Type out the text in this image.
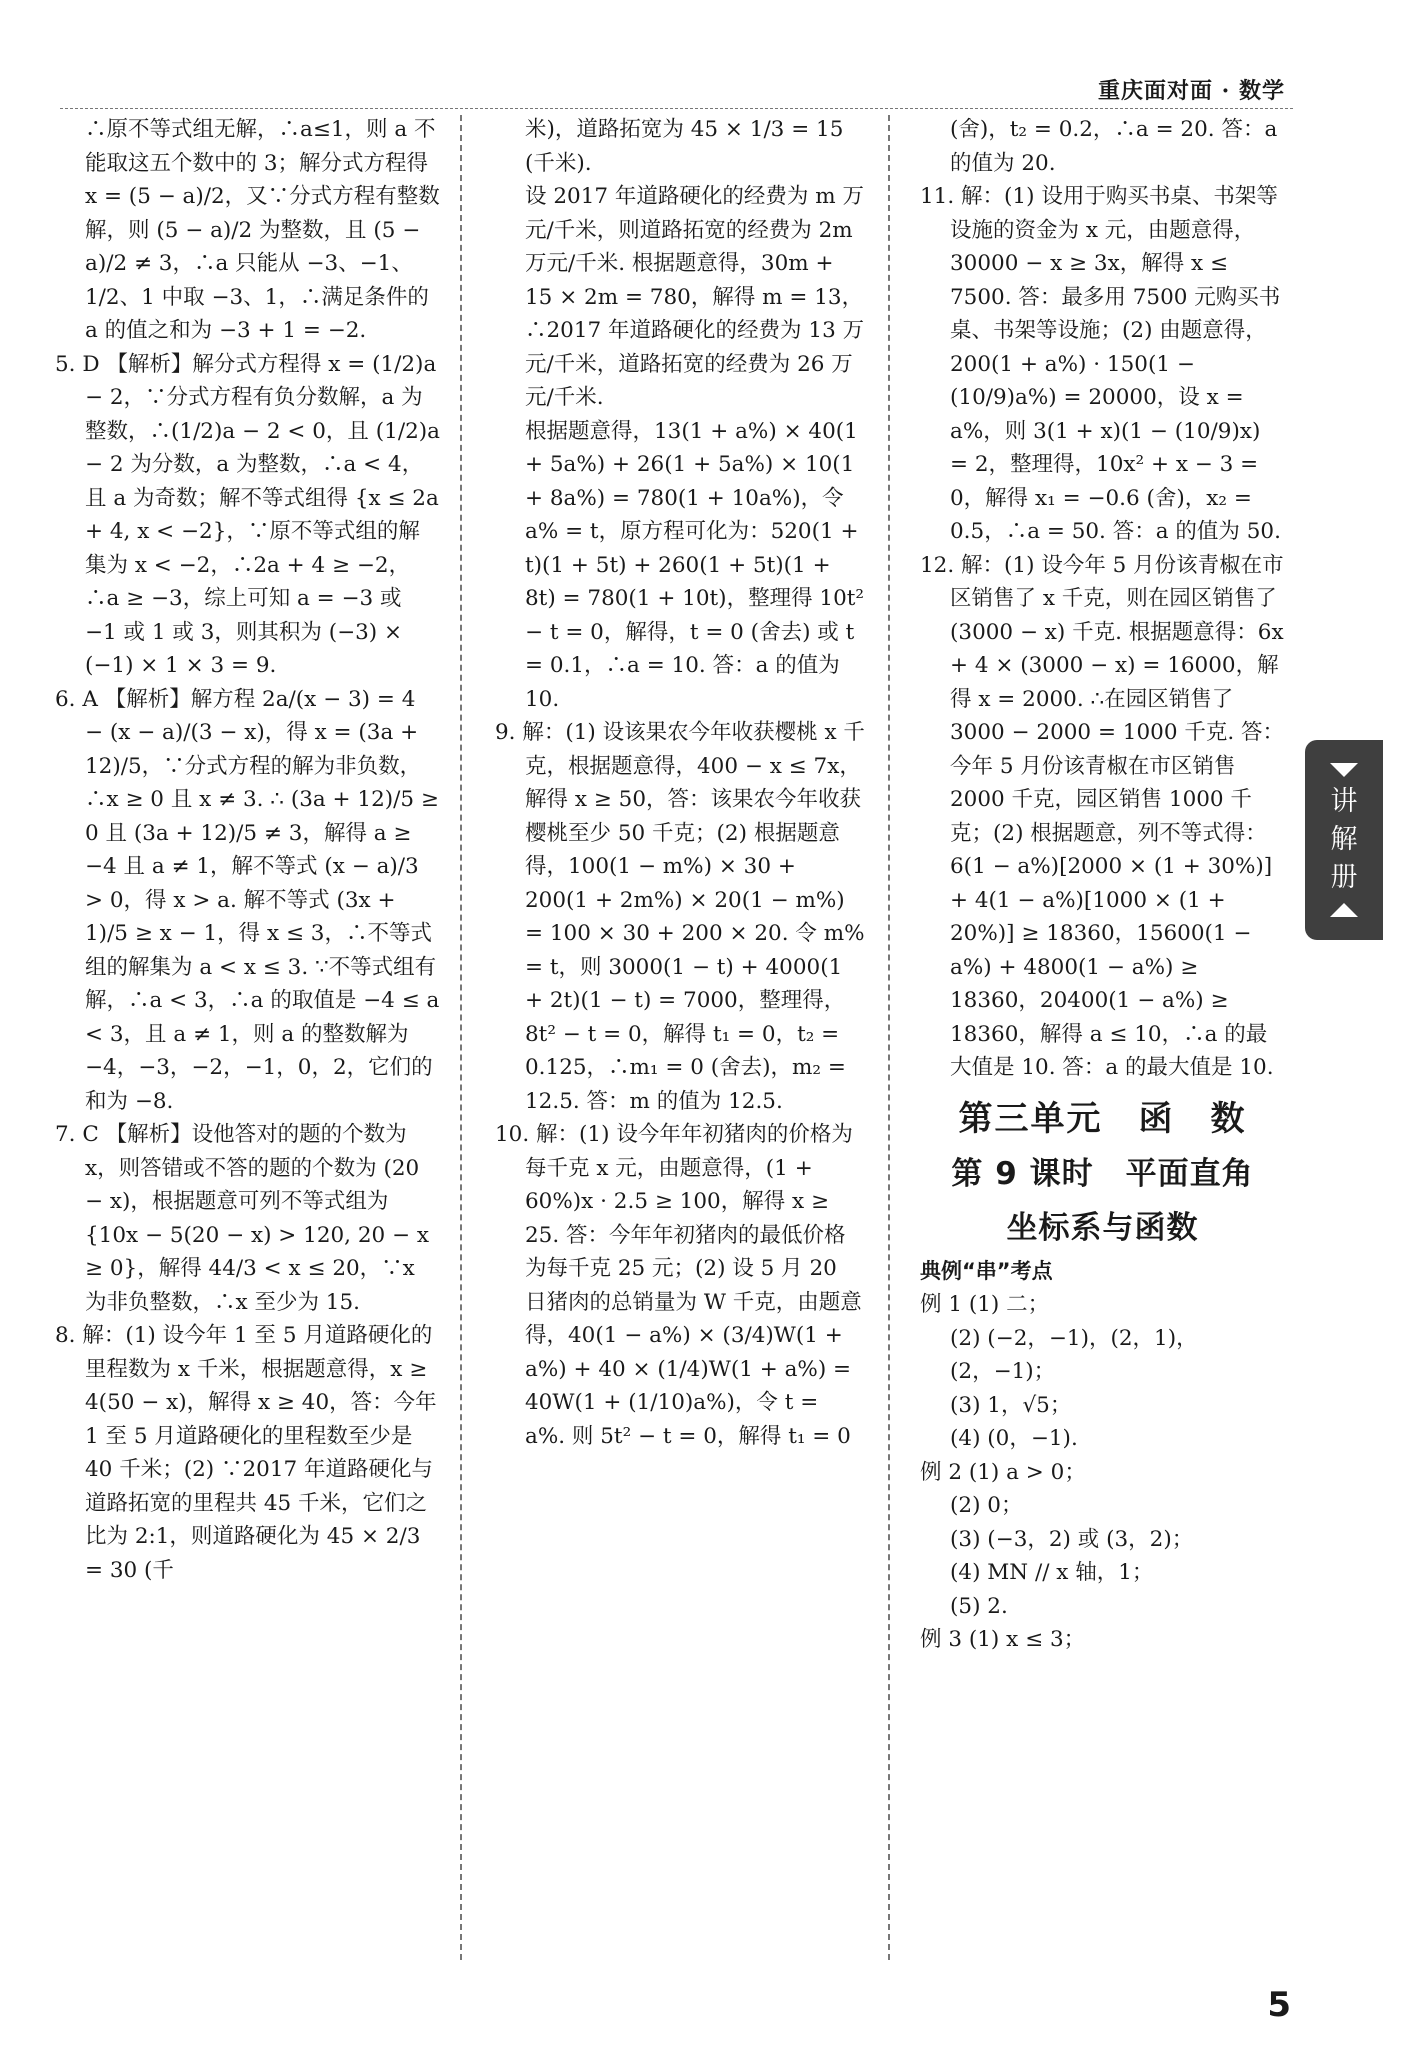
重庆面对面 · 数学

∴原不等式组无解，∴a≤1，则 a 不能取这五个数中的 3；解分式方程得 x = (5 − a)/2，又∵分式方程有整数解，则 (5 − a)/2 为整数，且 (5 − a)/2 ≠ 3，∴a 只能从 −3、−1、1/2、1 中取 −3、1，∴满足条件的 a 的值之和为 −3 + 1 = −2.

5. D 【解析】解分式方程得 x = (1/2)a − 2，∵分式方程有负分数解，a 为整数，∴(1/2)a − 2 < 0，且 (1/2)a − 2 为分数，a 为整数，∴a < 4，且 a 为奇数；解不等式组得 {x ≤ 2a + 4, x < −2}，∵原不等式组的解集为 x < −2，∴2a + 4 ≥ −2，∴a ≥ −3，综上可知 a = −3 或 −1 或 1 或 3，则其积为 (−3) × (−1) × 1 × 3 = 9.

6. A 【解析】解方程 2a/(x − 3) = 4 − (x − a)/(3 − x)，得 x = (3a + 12)/5，∵分式方程的解为非负数，∴x ≥ 0 且 x ≠ 3. ∴ (3a + 12)/5 ≥ 0 且 (3a + 12)/5 ≠ 3，解得 a ≥ −4 且 a ≠ 1，解不等式 (x − a)/3 > 0，得 x > a. 解不等式 (3x + 1)/5 ≥ x − 1，得 x ≤ 3，∴不等式组的解集为 a < x ≤ 3. ∵不等式组有解，∴a < 3，∴a 的取值是 −4 ≤ a < 3，且 a ≠ 1，则 a 的整数解为 −4，−3，−2，−1，0，2，它们的和为 −8.

7. C 【解析】设他答对的题的个数为 x，则答错或不答的题的个数为 (20 − x)，根据题意可列不等式组为 {10x − 5(20 − x) > 120, 20 − x ≥ 0}，解得 44/3 < x ≤ 20，∵x 为非负整数，∴x 至少为 15.

8. 解：(1) 设今年 1 至 5 月道路硬化的里程数为 x 千米，根据题意得，x ≥ 4(50 − x)，解得 x ≥ 40，答：今年 1 至 5 月道路硬化的里程数至少是 40 千米；(2) ∵2017 年道路硬化与道路拓宽的里程共 45 千米，它们之比为 2:1，则道路硬化为 45 × 2/3 = 30 (千

米)，道路拓宽为 45 × 1/3 = 15 (千米).

设 2017 年道路硬化的经费为 m 万元/千米，则道路拓宽的经费为 2m 万元/千米. 根据题意得，30m + 15 × 2m = 780，解得 m = 13，∴2017 年道路硬化的经费为 13 万元/千米，道路拓宽的经费为 26 万元/千米.

根据题意得，13(1 + a%) × 40(1 + 5a%) + 26(1 + 5a%) × 10(1 + 8a%) = 780(1 + 10a%)，令 a% = t，原方程可化为：520(1 + t)(1 + 5t) + 260(1 + 5t)(1 + 8t) = 780(1 + 10t)，整理得 10t² − t = 0，解得，t = 0 (舍去) 或 t = 0.1，∴a = 10. 答：a 的值为 10.

9. 解：(1) 设该果农今年收获樱桃 x 千克，根据题意得，400 − x ≤ 7x，解得 x ≥ 50，答：该果农今年收获樱桃至少 50 千克；(2) 根据题意得，100(1 − m%) × 30 + 200(1 + 2m%) × 20(1 − m%) = 100 × 30 + 200 × 20. 令 m% = t，则 3000(1 − t) + 4000(1 + 2t)(1 − t) = 7000，整理得，8t² − t = 0，解得 t₁ = 0，t₂ = 0.125，∴m₁ = 0 (舍去)，m₂ = 12.5. 答：m 的值为 12.5.

10. 解：(1) 设今年年初猪肉的价格为每千克 x 元，由题意得，(1 + 60%)x · 2.5 ≥ 100，解得 x ≥ 25. 答：今年年初猪肉的最低价格为每千克 25 元；(2) 设 5 月 20 日猪肉的总销量为 W 千克，由题意得，40(1 − a%) × (3/4)W(1 + a%) + 40 × (1/4)W(1 + a%) = 40W(1 + (1/10)a%)，令 t = a%. 则 5t² − t = 0，解得 t₁ = 0

(舍)，t₂ = 0.2，∴a = 20. 答：a 的值为 20.

11. 解：(1) 设用于购买书桌、书架等设施的资金为 x 元，由题意得，30000 − x ≥ 3x，解得 x ≤ 7500. 答：最多用 7500 元购买书桌、书架等设施；(2) 由题意得，200(1 + a%) · 150(1 − (10/9)a%) = 20000，设 x = a%，则 3(1 + x)(1 − (10/9)x) = 2，整理得，10x² + x − 3 = 0，解得 x₁ = −0.6 (舍)，x₂ = 0.5，∴a = 50. 答：a 的值为 50.

12. 解：(1) 设今年 5 月份该青椒在市区销售了 x 千克，则在园区销售了 (3000 − x) 千克. 根据题意得：6x + 4 × (3000 − x) = 16000，解得 x = 2000. ∴在园区销售了 3000 − 2000 = 1000 千克. 答：今年 5 月份该青椒在市区销售 2000 千克，园区销售 1000 千克；(2) 根据题意，列不等式得：6(1 − a%)[2000 × (1 + 30%)] + 4(1 − a%)[1000 × (1 + 20%)] ≥ 18360，15600(1 − a%) + 4800(1 − a%) ≥ 18360，20400(1 − a%) ≥ 18360，解得 a ≤ 10，∴a 的最大值是 10. 答：a 的最大值是 10.

第三单元　函　数

第 9 课时　平面直角

坐标系与函数

典例“串”考点

例 1 (1) 二；

(2) (−2，−1)，(2，1)，(2，−1)；

(3) 1，√5；

(4) (0，−1).

例 2 (1) a > 0；

(2) 0；

(3) (−3，2) 或 (3，2)；

(4) MN // x 轴，1；

(5) 2.

例 3 (1) x ≤ 3；

讲
解
册
5
